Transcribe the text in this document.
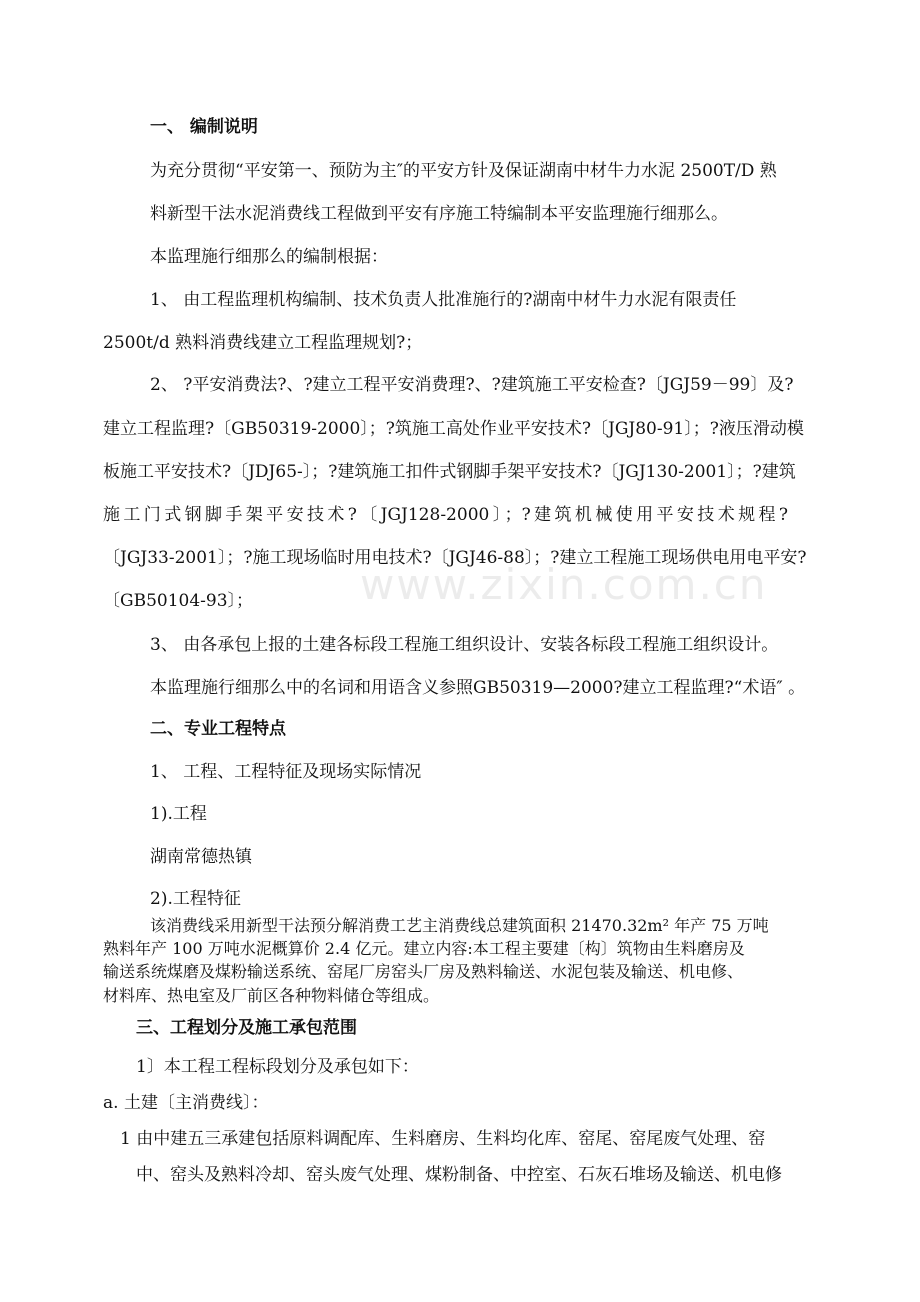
www.zixin.com.cn
一、 编制说明
为充分贯彻“平安第一、预防为主″的平安方针及保证湖南中材牛力水泥 2500T/D 熟
料新型干法水泥消费线工程做到平安有序施工特编制本平安监理施行细那么。
本监理施行细那么的编制根据：
1、 由工程监理机构编制、技术负责人批准施行的?湖南中材牛力水泥有限责任
2500t/d 熟料消费线建立工程监理规划?；
2、 ?平安消费法?、?建立工程平安消费理?、?建筑施工平安检查?〔JGJ59－99〕及?
建立工程监理?〔GB50319-2000〕；?筑施工高处作业平安技术?〔JGJ80-91〕；?液压滑动模
板施工平安技术?〔JDJ65-〕；?建筑施工扣件式钢脚手架平安技术?〔JGJ130-2001〕；?建筑
施工门式钢脚手架平安技术?〔JGJ128-2000〕；?建筑机械使用平安技术规程?
〔JGJ33-2001〕；?施工现场临时用电技术?〔JGJ46-88〕；?建立工程施工现场供电用电平安?
〔GB50104-93〕；
3、 由各承包上报的土建各标段工程施工组织设计、安装各标段工程施工组织设计。
本监理施行细那么中的名词和用语含义参照GB50319—2000?建立工程监理?“术语″ 。
二、专业工程特点
1、 工程、工程特征及现场实际情况
1).工程
湖南常德热镇
2).工程特征
该消费线采用新型干法预分解消费工艺主消费线总建筑面积 21470.32m² 年产 75 万吨
熟料年产 100 万吨水泥概算价 2.4 亿元。建立内容:本工程主要建〔构〕筑物由生料磨房及
输送系统煤磨及煤粉输送系统、窑尾厂房窑头厂房及熟料输送、水泥包装及输送、机电修、
材料库、热电室及厂前区各种物料储仓等组成。
三、工程划分及施工承包范围
1〕本工程工程标段划分及承包如下：
a. 土建〔主消费线〕：
1 由中建五三承建包括原料调配库、生料磨房、生料均化库、窑尾、窑尾废气处理、窑
中、窑头及熟料冷却、窑头废气处理、煤粉制备、中控室、石灰石堆场及输送、机电修
